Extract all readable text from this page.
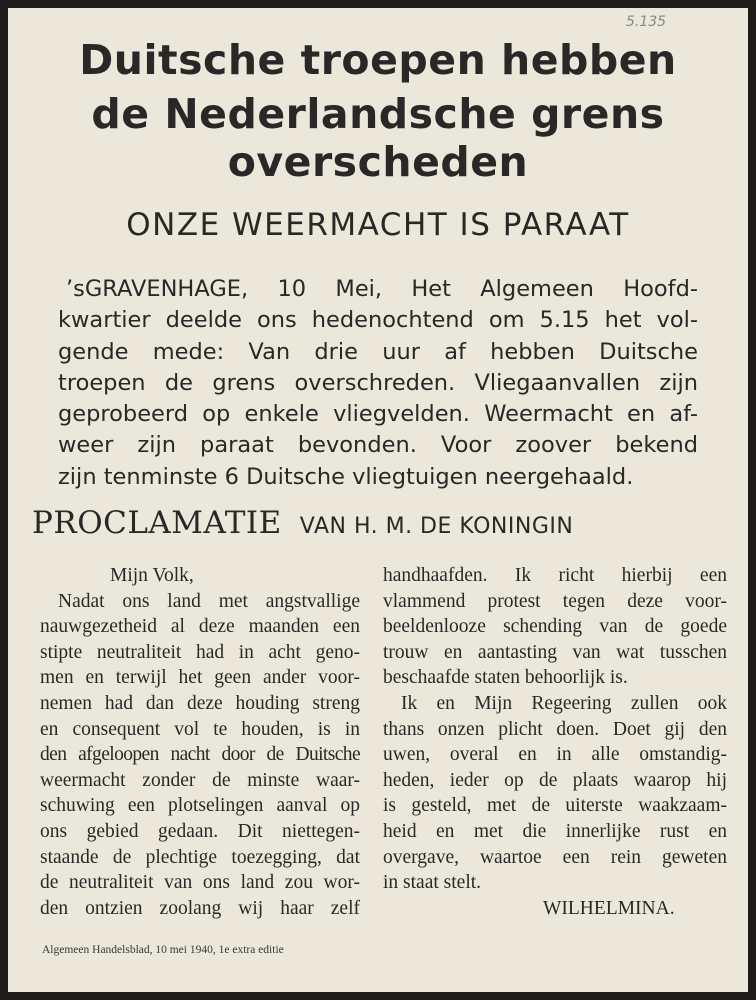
5.135
Duitsche troepen hebben
de Nederlandsche grens
overscheden
ONZE WEERMACHT IS PARAAT
’sGRAVENHAGE, 10 Mei, Het Algemeen Hoofd-
kwartier deelde ons hedenochtend om 5.15 het vol-
gende mede: Van drie uur af hebben Duitsche
troepen de grens overschreden. Vliegaanvallen zijn
geprobeerd op enkele vliegvelden. Weermacht en af-
weer zijn paraat bevonden. Voor zoover bekend
zijn tenminste 6 Duitsche vliegtuigen neergehaald.
PROCLAMATIE VAN H. M. DE KONINGIN
Mijn Volk,
Nadat ons land met angstvallige
nauwgezetheid al deze maanden een
stipte neutraliteit had in acht geno-
men en terwijl het geen ander voor-
nemen had dan deze houding streng
en consequent vol te houden, is in
den afgeloopen nacht door de Duitsche
weermacht zonder de minste waar-
schuwing een plotselingen aanval op
ons gebied gedaan. Dit niettegen-
staande de plechtige toezegging, dat
de neutraliteit van ons land zou wor-
den ontzien zoolang wij haar zelf
handhaafden. Ik richt hierbij een
vlammend protest tegen deze voor-
beeldenlooze schending van de goede
trouw en aantasting van wat tusschen
beschaafde staten behoorlijk is.
Ik en Mijn Regeering zullen ook
thans onzen plicht doen. Doet gij den
uwen, overal en in alle omstandig-
heden, ieder op de plaats waarop hij
is gesteld, met de uiterste waakzaam-
heid en met die innerlijke rust en
overgave, waartoe een rein geweten
in staat stelt.
WILHELMINA.
Algemeen Handelsblad, 10 mei 1940, 1e extra editie
